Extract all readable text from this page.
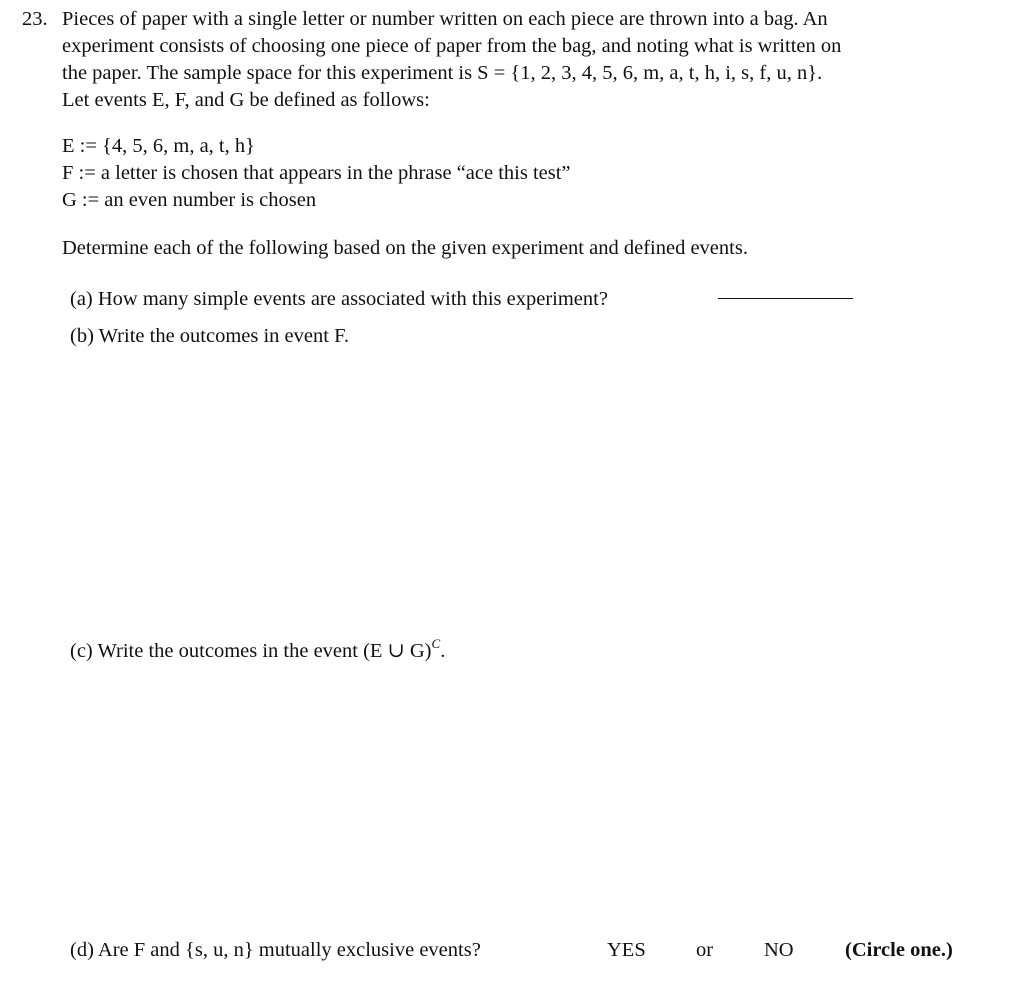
23. Pieces of paper with a single letter or number written on each piece are thrown into a bag. An
experiment consists of choosing one piece of paper from the bag, and noting what is written on
the paper. The sample space for this experiment is S = {1, 2, 3, 4, 5, 6, m, a, t, h, i, s, f, u, n}.
Let events E, F, and G be defined as follows:
E := {4, 5, 6, m, a, t, h}
F := a letter is chosen that appears in the phrase “ace this test”
G := an even number is chosen
Determine each of the following based on the given experiment and defined events.
(a) How many simple events are associated with this experiment?
(b) Write the outcomes in event F.
(c) Write the outcomes in the event (E ∪ G)$^C$.
(d) Are F and {s, u, n} mutually exclusive events?	YES or NO	(Circle one.)
